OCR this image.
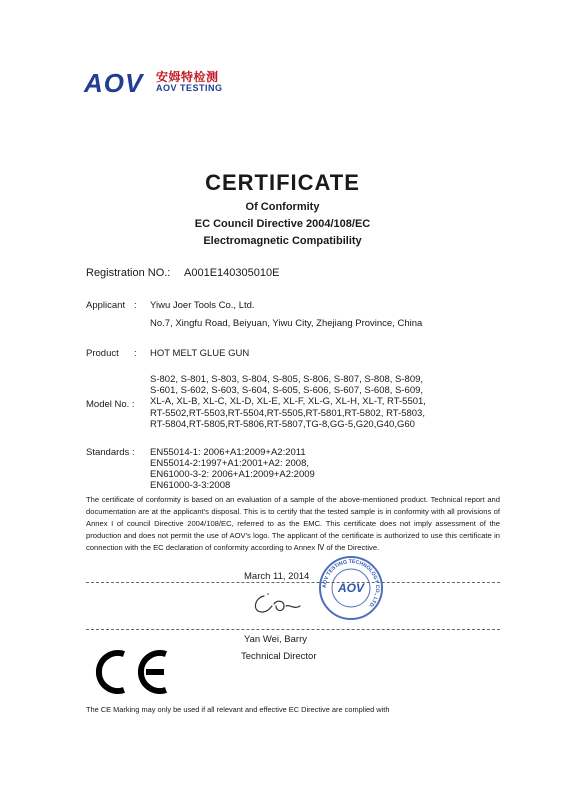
AOV 安姆特检测
AOV TESTING
CERTIFICATE
Of Conformity
EC Council Directive 2004/108/EC
Electromagnetic Compatibility
Registration NO.: A001E140305010E
Applicant : Yiwu Joer Tools Co., Ltd.
No.7, Xingfu Road, Beiyuan, Yiwu City, Zhejiang Province, China
Product : HOT MELT GLUE GUN
Model No. :
S-802, S-801, S-803, S-804, S-805, S-806, S-807, S-808, S-809,
S-601, S-602, S-603, S-604, S-605, S-606, S-607, S-608, S-609,
XL-A, XL-B, XL-C, XL-D, XL-E, XL-F, XL-G, XL-H, XL-T, RT-5501,
RT-5502,RT-5503,RT-5504,RT-5505,RT-5801,RT-5802, RT-5803,
RT-5804,RT-5805,RT-5806,RT-5807,TG-8,GG-5,G20,G40,G60
Standards : EN55014-1: 2006+A1:2009+A2:2011
EN55014-2:1997+A1:2001+A2: 2008,
EN61000-3-2: 2006+A1:2009+A2:2009
EN61000-3-3:2008
The certificate of conformity is based on an evaluation of a sample of the above-mentioned product. Technical report and documentation are at the applicant's disposal. This is to certify that the tested sample is in conformity with all provisions of Annex I of council Directive 2004/108/EC, referred to as the EMC. This certificate does not imply assessment of the production and does not permit the use of AOV's logo. The applicant of the certificate is authorized to use this certificate in connection with the EC declaration of conformity according to Annex Ⅳ of the Directive.
March 11, 2014
AOV TESTING TECHNOLOGY CO., LTD.
AOV
Yan Wei, Barry
Technical Director
The CE Marking may only be used if all relevant and effective EC Directive are complied with
